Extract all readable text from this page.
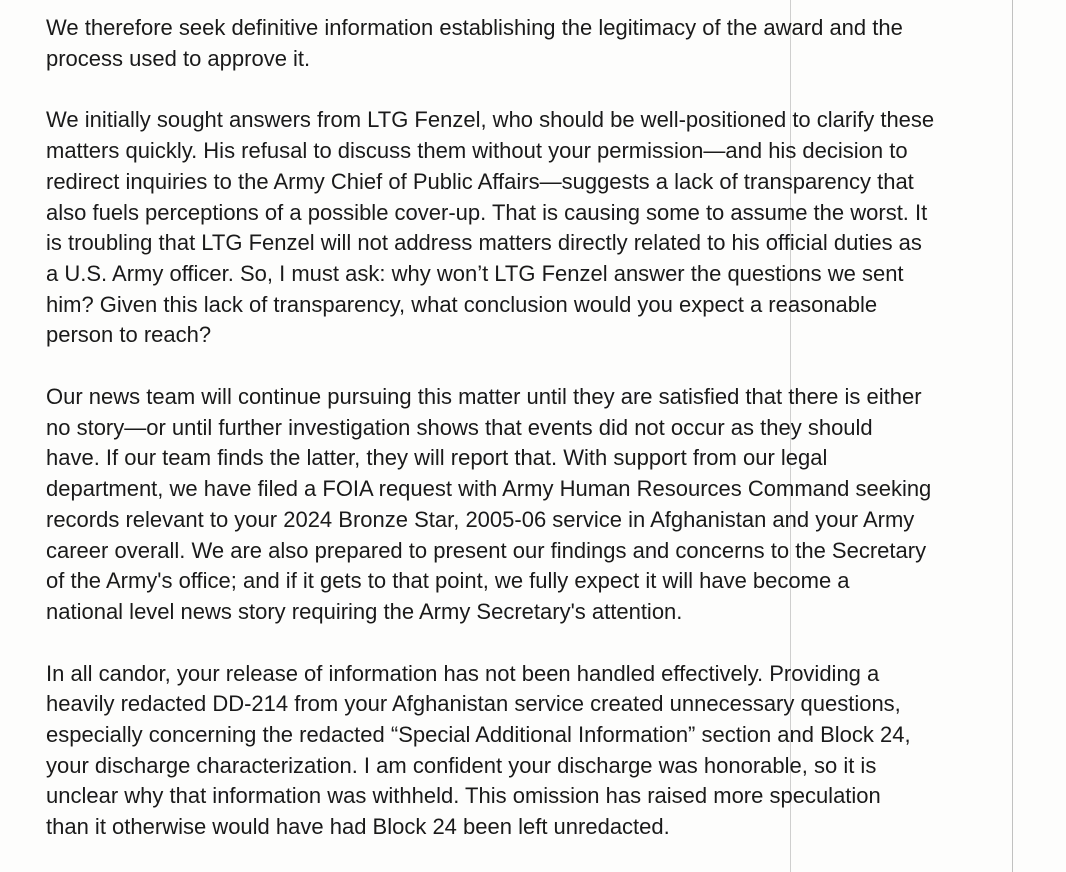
We therefore seek definitive information establishing the legitimacy of the award and the
process used to approve it.

We initially sought answers from LTG Fenzel, who should be well-positioned to clarify these
matters quickly. His refusal to discuss them without your permission—and his decision to
redirect inquiries to the Army Chief of Public Affairs—suggests a lack of transparency that
also fuels perceptions of a possible cover-up. That is causing some to assume the worst. It
is troubling that LTG Fenzel will not address matters directly related to his official duties as
a U.S. Army officer. So, I must ask: why won’t LTG Fenzel answer the questions we sent
him? Given this lack of transparency, what conclusion would you expect a reasonable
person to reach?

Our news team will continue pursuing this matter until they are satisfied that there is either
no story—or until further investigation shows that events did not occur as they should
have. If our team finds the latter, they will report that. With support from our legal
department, we have filed a FOIA request with Army Human Resources Command seeking
records relevant to your 2024 Bronze Star, 2005-06 service in Afghanistan and your Army
career overall. We are also prepared to present our findings and concerns to the Secretary
of the Army's office; and if it gets to that point, we fully expect it will have become a
national level news story requiring the Army Secretary's attention.

In all candor, your release of information has not been handled effectively. Providing a
heavily redacted DD-214 from your Afghanistan service created unnecessary questions,
especially concerning the redacted “Special Additional Information” section and Block 24,
your discharge characterization. I am confident your discharge was honorable, so it is
unclear why that information was withheld. This omission has raised more speculation
than it otherwise would have had Block 24 been left unredacted.
